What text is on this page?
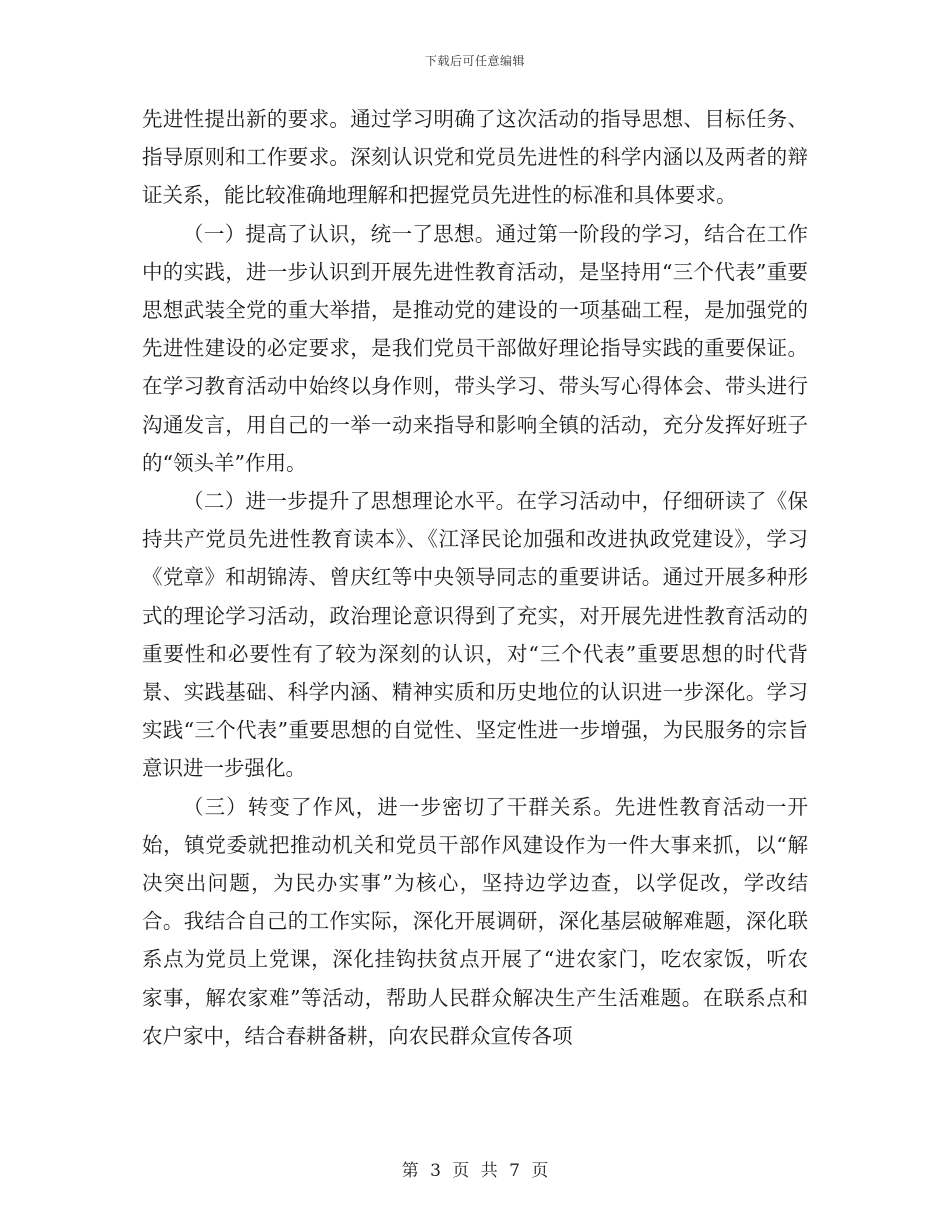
下载后可任意编辑

先进性提出新的要求。通过学习明确了这次活动的指导思想、目标任务、指导原则和工作要求。深刻认识党和党员先进性的科学内涵以及两者的辩证关系，能比较准确地理解和把握党员先进性的标准和具体要求。

（一）提高了认识，统一了思想。通过第一阶段的学习，结合在工作中的实践，进一步认识到开展先进性教育活动，是坚持用“三个代表”重要思想武装全党的重大举措，是推动党的建设的一项基础工程，是加强党的先进性建设的必定要求，是我们党员干部做好理论指导实践的重要保证。在学习教育活动中始终以身作则，带头学习、带头写心得体会、带头进行沟通发言，用自己的一举一动来指导和影响全镇的活动，充分发挥好班子的“领头羊”作用。

（二）进一步提升了思想理论水平。在学习活动中，仔细研读了《保持共产党员先进性教育读本》、《江泽民论加强和改进执政党建设》，学习《党章》和胡锦涛、曾庆红等中央领导同志的重要讲话。通过开展多种形式的理论学习活动，政治理论意识得到了充实，对开展先进性教育活动的重要性和必要性有了较为深刻的认识，对“三个代表”重要思想的时代背景、实践基础、科学内涵、精神实质和历史地位的认识进一步深化。学习实践“三个代表”重要思想的自觉性、坚定性进一步增强，为民服务的宗旨意识进一步强化。

（三）转变了作风，进一步密切了干群关系。先进性教育活动一开始，镇党委就把推动机关和党员干部作风建设作为一件大事来抓，以“解决突出问题，为民办实事”为核心，坚持边学边查，以学促改，学改结合。我结合自己的工作实际，深化开展调研，深化基层破解难题，深化联系点为党员上党课，深化挂钩扶贫点开展了“进农家门，吃农家饭，听农家事，解农家难”等活动，帮助人民群众解决生产生活难题。在联系点和农户家中，结合春耕备耕，向农民群众宣传各项

第 3 页 共 7 页
